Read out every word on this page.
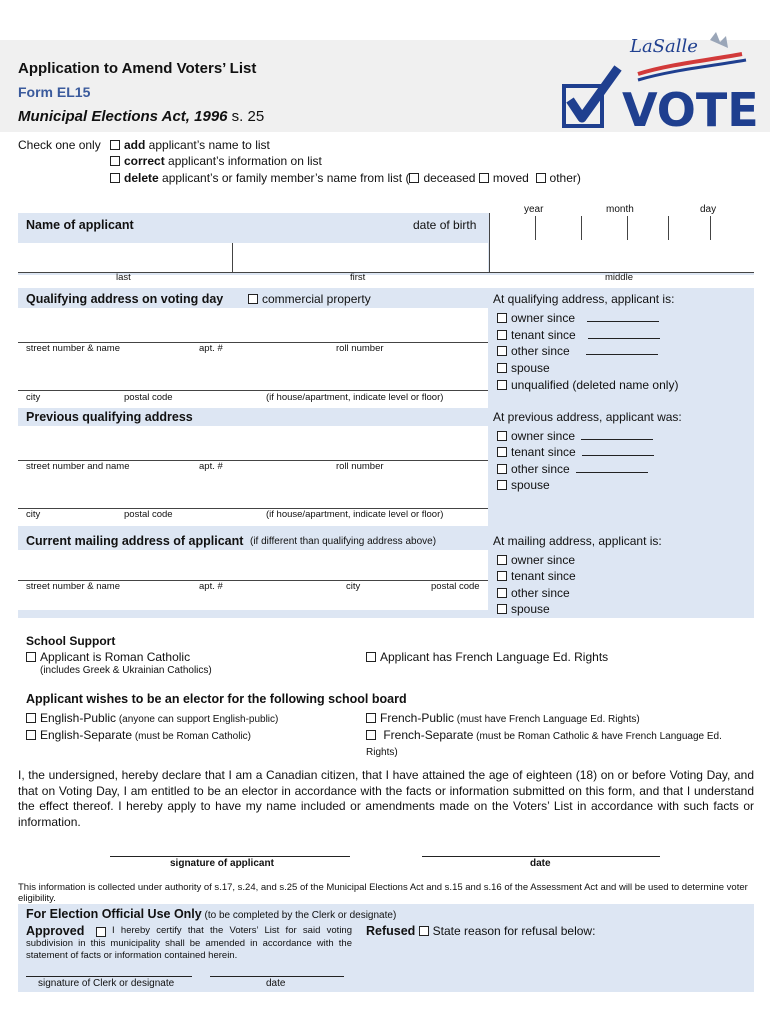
Application to Amend Voters’ List
Form EL15
Municipal Elections Act, 1996 s. 25
LaSalle
VOTE
Check one only	add applicant’s name to list
correct applicant’s information on list
delete applicant’s or family member’s name from list ( deceased moved other)
year	month	day
Name of applicant	date of birth
last	first	middle
Qualifying address on voting day	commercial property
street number & name	apt. #	roll number
city	postal code	(if house/apartment, indicate level or floor)
At qualifying address, applicant is:
owner since
tenant since
other since
spouse
unqualified (deleted name only)
Previous qualifying address
street number and name	apt. #	roll number
city	postal code	(if house/apartment, indicate level or floor)
At previous address, applicant was:
owner since
tenant since
other since
spouse
Current mailing address of applicant (if different than qualifying address above)
street number & name	apt. #	city	postal code
At mailing address, applicant is:
owner since
tenant since
other since
spouse
School Support
Applicant is Roman Catholic
(includes Greek & Ukrainian Catholics)
Applicant has French Language Ed. Rights
Applicant wishes to be an elector for the following school board
English-Public (anyone can support English-public)
English-Separate (must be Roman Catholic)
French-Public (must have French Language Ed. Rights)
French-Separate (must be Roman Catholic & have French Language Ed. Rights)
I, the undersigned, hereby declare that I am a Canadian citizen, that I have attained the age of eighteen (18) on or before Voting Day, and that on Voting Day, I am entitled to be an elector in accordance with the facts or information submitted on this form, and that I understand the effect thereof. I hereby apply to have my name included or amendments made on the Voters’ List in accordance with such facts or information.
signature of applicant	date
This information is collected under authority of s.17, s.24, and s.25 of the Municipal Elections Act and s.15 and s.16 of the Assessment Act and will be used to determine voter eligibility.
For Election Official Use Only (to be completed by the Clerk or designate)
Approved	I hereby certify that the Voters’ List for said voting subdivision in this municipality shall be amended in accordance with the statement of facts or information contained herein.
Refused State reason for refusal below:
signature of Clerk or designate	date
